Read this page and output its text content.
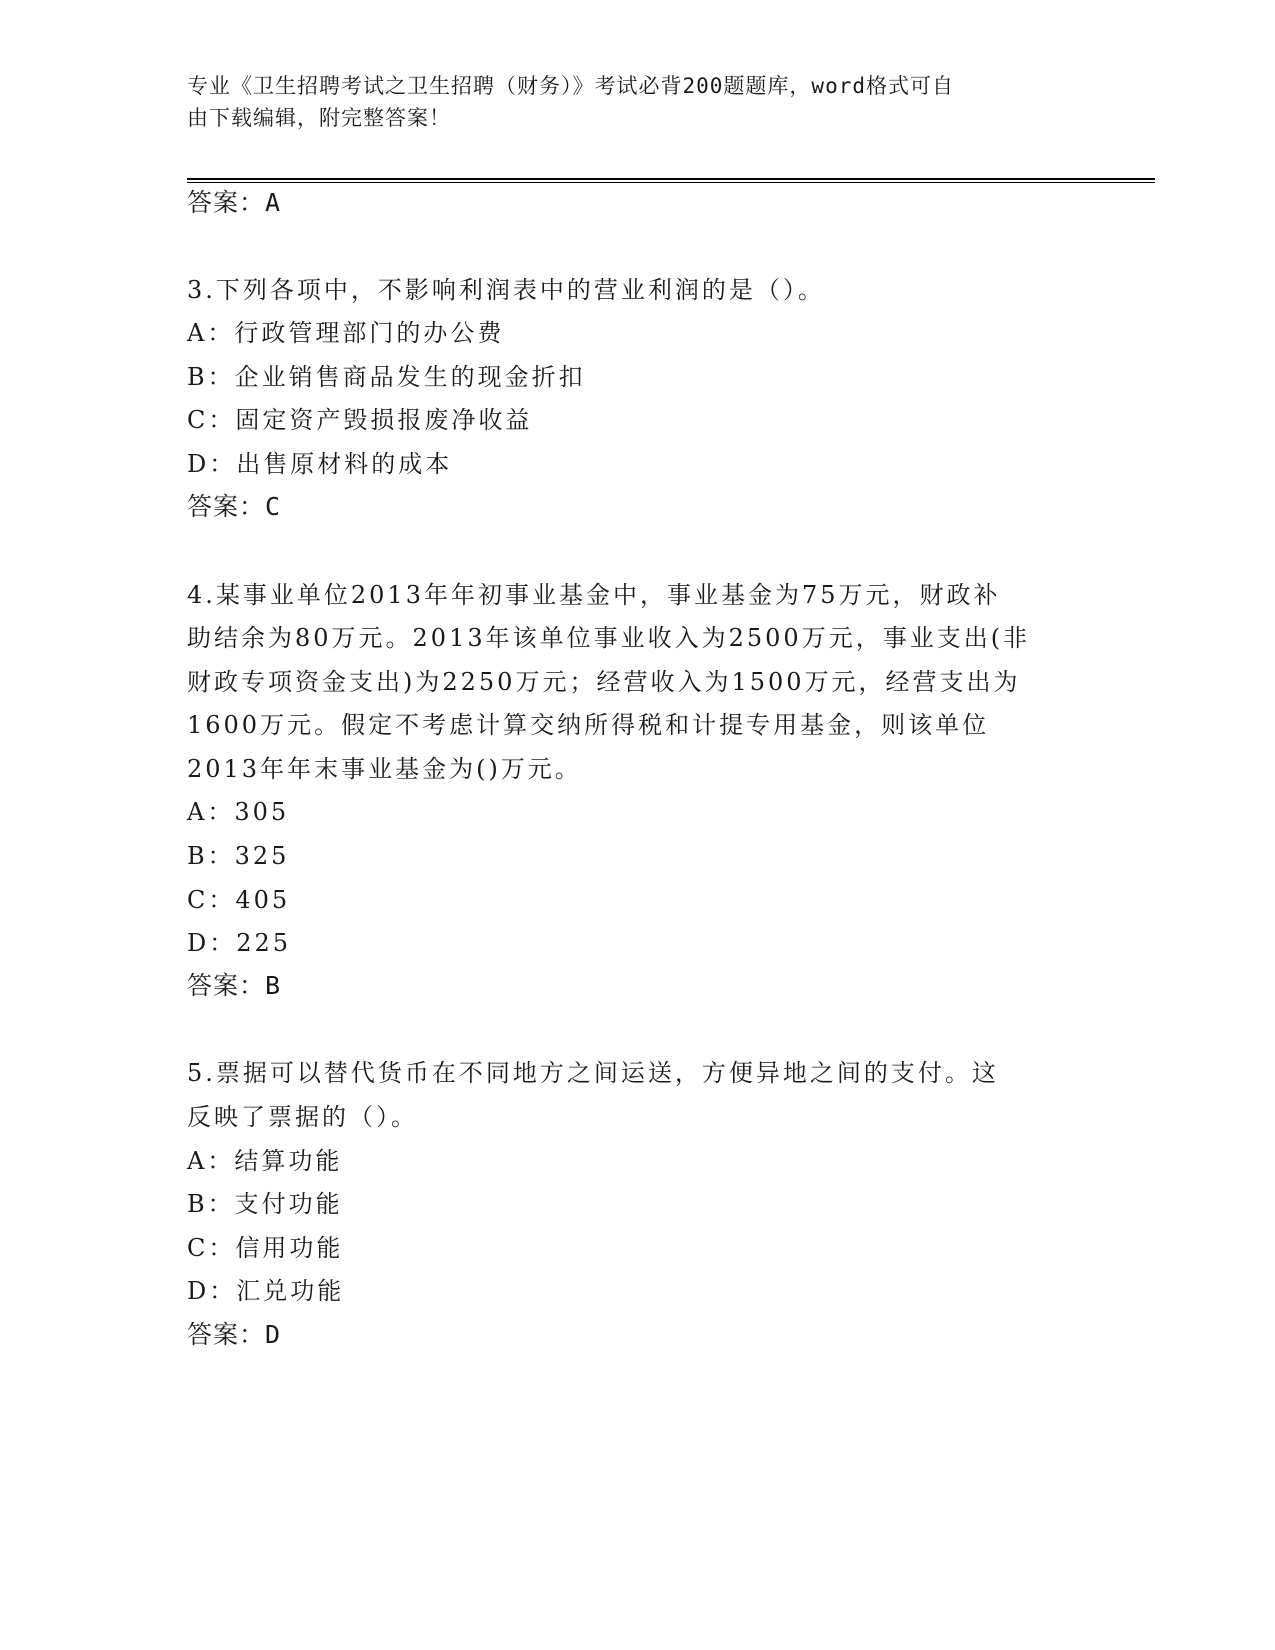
专业《卫生招聘考试之卫生招聘（财务）》考试必背200题题库，word格式可自
由下载编辑，附完整答案！
答案：A
3.下列各项中，不影响利润表中的营业利润的是（）。
A：行政管理部门的办公费
B：企业销售商品发生的现金折扣
C：固定资产毁损报废净收益
D：出售原材料的成本
答案：C
4.某事业单位2013年年初事业基金中，事业基金为75万元，财政补
助结余为80万元。2013年该单位事业收入为2500万元，事业支出(非
财政专项资金支出)为2250万元；经营收入为1500万元，经营支出为
1600万元。假定不考虑计算交纳所得税和计提专用基金，则该单位
2013年年末事业基金为()万元。
A：305
B：325
C：405
D：225
答案：B
5.票据可以替代货币在不同地方之间运送，方便异地之间的支付。这
反映了票据的（）。
A：结算功能
B：支付功能
C：信用功能
D：汇兑功能
答案：D
